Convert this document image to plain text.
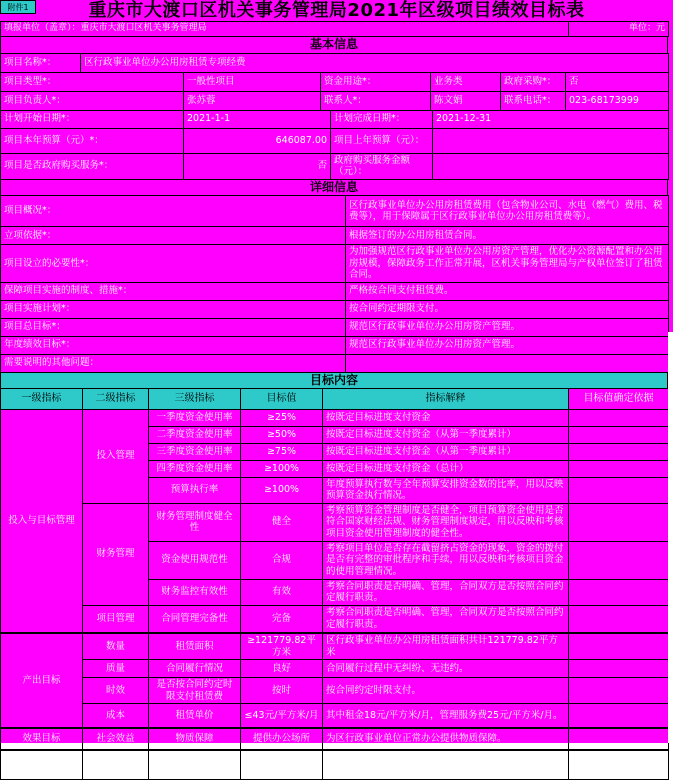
附件1	重庆市大渡口区机关事务管理局2021年区级项目绩效目标表
填报单位（盖章）：重庆市大渡口区机关事务管理局	单位：元
基本信息
项目名称*：	区行政事业单位办公用房租赁专项经费
项目类型*：	一般性项目	资金用途*：	业务类	政府采购*：	否
项目负责人*：	张苏蓉	联系人*：	陈文娟	联系电话*：	023-68173999
计划开始日期*：	2021-1-1	计划完成日期*：	2021-12-31
项目本年预算（元）*：	646087.00	项目上年预算（元）：	
项目是否政府购买服务*：	否	政府购买服务金额（元）：	
详细信息
项目概况*：	区行政事业单位办公用房租赁费用（包含物业公司、水电（燃气）费用、税费等），用于保障属于区行政事业单位办公用房租赁费等）。
立项依据*：	根据签订的办公用房租赁合同。
项目设立的必要性*：	为加强规范区行政事业单位办公用房资产管理，优化办公资源配置和办公用房规模，保障政务工作正常开展，区机关事务管理局与产权单位签订了租赁合同。
保障项目实施的制度、措施*：	严格按合同支付租赁费。
项目实施计划*：	按合同约定期限支付。
项目总目标*：	规范区行政事业单位办公用房资产管理。
年度绩效目标*：	规范区行政事业单位办公用房资产管理。
需要说明的其他问题：	
目标内容
一级指标	二级指标	三级指标	目标值	指标解释	目标值确定依据
投入与目标管理	投入管理	一季度资金使用率	≥25%	按既定目标进度支付资金	
		二季度资金使用率	≥50%	按既定目标进度支付资金（从第一季度累计）	
		三季度资金使用率	≥75%	按既定目标进度支付资金（从第一季度累计）	
		四季度资金使用率	≥100%	按既定目标进度支付资金（总计）	
		预算执行率	≥100%	年度预算执行数与全年预算安排资金数的比率，用以反映预算资金执行情况。	
	财务管理	财务管理制度健全性	健全	考察预算资金管理制度是否健全，项目预算资金使用是否符合国家财经法规、财务管理制度规定，用以反映和考核项目资金使用管理制度的健全性。	
		资金使用规范性	合规	考察项目单位是否存在截留挤占资金的现象，资金的拨付是否有完整的审批程序和手续，用以反映和考核项目资金的使用管理情况。	
		财务监控有效性	有效	考察合同职责是否明确、管理，合同双方是否按照合同约定履行职责。	
	项目管理	合同管理完备性	完备	考察合同职责是否明确、管理，合同双方是否按照合同约定履行职责。	
产出目标	数量	租赁面积	≥121779.82平方米	区行政事业单位办公用房租赁面积共计121779.82平方米	
	质量	合同履行情况	良好	合同履行过程中无纠纷、无违约。	
	时效	是否按合同约定时限支付租赁费	按时	按合同约定时限支付。	
	成本	租赁单价	≤43元/平方米/月	其中租金18元/平方米/月，管理服务费25元/平方米/月。	
效果目标	社会效益	物质保障	提供办公场所	为区行政事业单位正常办公提供物质保障。	
影响力目标	长效管理	合同履行的持续性	不中断	由租赁双方与房屋产权单位签订租赁合同，租赁期满后双方协商续签，保证租赁合同的持续性。	
